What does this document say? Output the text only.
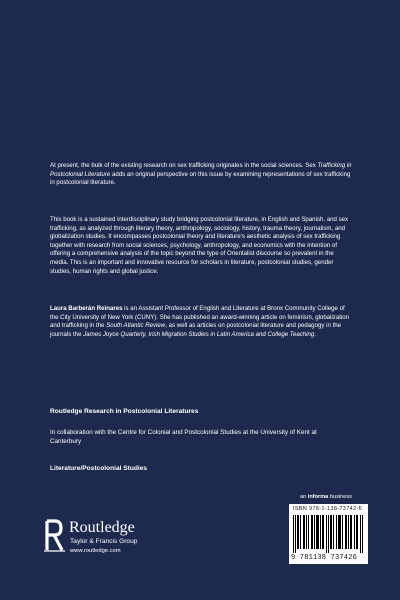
At present, the bulk of the existing research on sex trafficking originates in the social sciences. Sex Trafficking in Postcolonial Literature adds an original perspective on this issue by examining representations of sex trafficking in postcolonial literature.

This book is a sustained interdisciplinary study bridging postcolonial literature, in English and Spanish, and sex trafficking, as analyzed through literary theory, anthropology, sociology, history, trauma theory, journalism, and globalization studies. It encompasses postcolonial theory and literature's aesthetic analysis of sex trafficking together with research from social sciences, psychology, anthropology, and economics with the intention of offering a comprehensive analysis of the topic beyond the type of Orientalist discourse so prevalent in the media. This is an important and innovative resource for scholars in literature, postcolonial studies, gender studies, human rights and global justice.

Laura Barberán Reinares is an Assistant Professor of English and Literature at Bronx Community College of the City University of New York (CUNY). She has published an award-winning article on feminism, globalization and trafficking in the South Atlantic Review, as well as articles on postcolonial literature and pedagogy in the journals the James Joyce Quarterly, Irish Migration Studies in Latin America and College Teaching.

Routledge Research in Postcolonial Literatures
In collaboration with the Centre for Colonial and Postcolonial Studies at the University of Kent at Canterbury
Literature/Postcolonial Studies
an informa business
Routledge
Taylor & Francis Group
www.routledge.com
ISBN 978-1-138-73742-6
9 781138 737426
